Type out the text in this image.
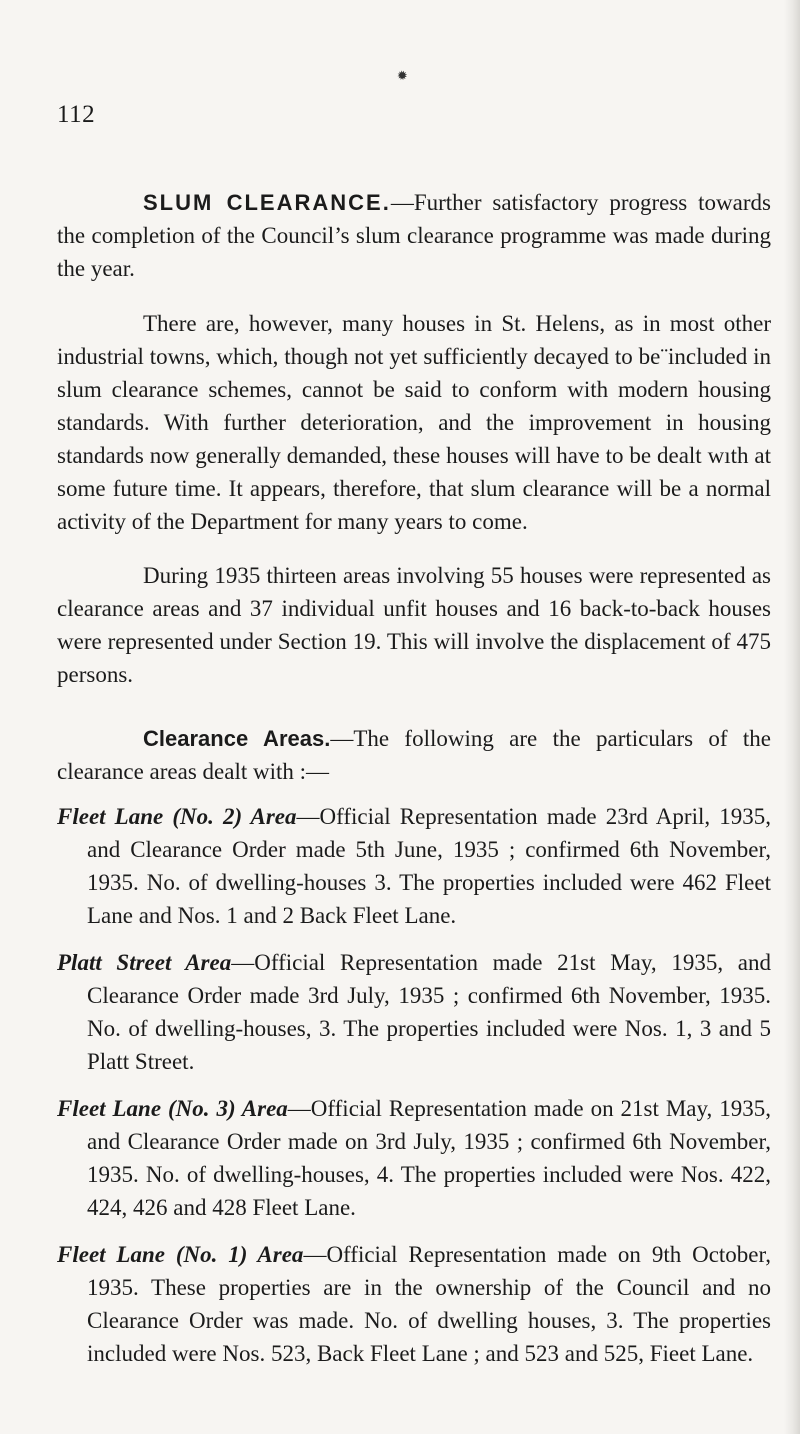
✹
112

SLUM CLEARANCE.—Further satisfactory progress towards the completion of the Council’s slum clearance programme was made during the year.

There are, however, many houses in St. Helens, as in most other industrial towns, which, though not yet sufficiently decayed to be¨included in slum clearance schemes, cannot be said to conform with modern housing standards. With further deterioration, and the improvement in housing standards now generally demanded, these houses will have to be dealt wıth at some future time. It appears, therefore, that slum clearance will be a normal activity of the Department for many years to come.

During 1935 thirteen areas involving 55 houses were represented as clearance areas and 37 individual unfit houses and 16 back-to-back houses were represented under Section 19. This will involve the displacement of 475 persons.

Clearance Areas.—The following are the particulars of the clearance areas dealt with :—

Fleet Lane (No. 2) Area—Official Representation made 23rd April, 1935, and Clearance Order made 5th June, 1935 ; confirmed 6th November, 1935. No. of dwelling-houses 3. The properties included were 462 Fleet Lane and Nos. 1 and 2 Back Fleet Lane.

Platt Street Area—Official Representation made 21st May, 1935, and Clearance Order made 3rd July, 1935 ; confirmed 6th November, 1935. No. of dwelling-houses, 3. The properties included were Nos. 1, 3 and 5 Platt Street.

Fleet Lane (No. 3) Area—Official Representation made on 21st May, 1935, and Clearance Order made on 3rd July, 1935 ; confirmed 6th November, 1935. No. of dwelling-houses, 4. The properties included were Nos. 422, 424, 426 and 428 Fleet Lane.

Fleet Lane (No. 1) Area—Official Representation made on 9th October, 1935. These properties are in the ownership of the Council and no Clearance Order was made. No. of dwelling houses, 3. The properties included were Nos. 523, Back Fleet Lane ; and 523 and 525, Fieet Lane.
